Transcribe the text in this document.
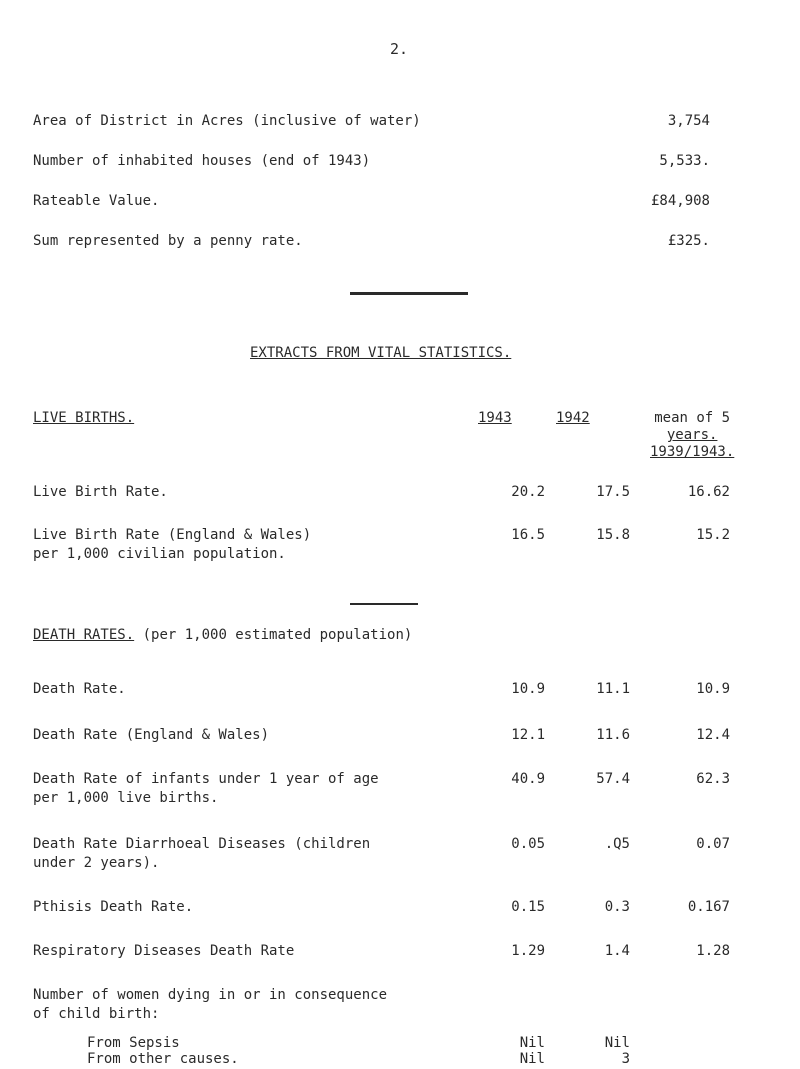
2.
Area of District in Acres (inclusive of water)	3,754
Number of inhabited houses (end of 1943)	5,533.
Rateable Value.	£84,908
Sum represented by a penny rate.	£325.
EXTRACTS FROM VITAL STATISTICS.
LIVE BIRTHS.	1943	1942	mean of 5
years.
1939/1943.
Live Birth Rate.	20.2	17.5	16.62
Live Birth Rate (England & Wales)
per 1,000 civilian population.
16.5	15.8	15.2
DEATH RATES. (per 1,000 estimated population)
Death Rate.	10.9	11.1	10.9
Death Rate (England & Wales)	12.1	11.6	12.4
Death Rate of infants under 1 year of age
per 1,000 live births.
40.9	57.4	62.3
Death Rate Diarrhoeal Diseases (children
under 2 years).
0.05	.Q5	0.07
Pthisis Death Rate.	0.15	0.3	0.167
Respiratory Diseases Death Rate	1.29	1.4	1.28
Number of women dying in or in consequence
of child birth:
From Sepsis	Nil	Nil
From other causes.	Nil	3
